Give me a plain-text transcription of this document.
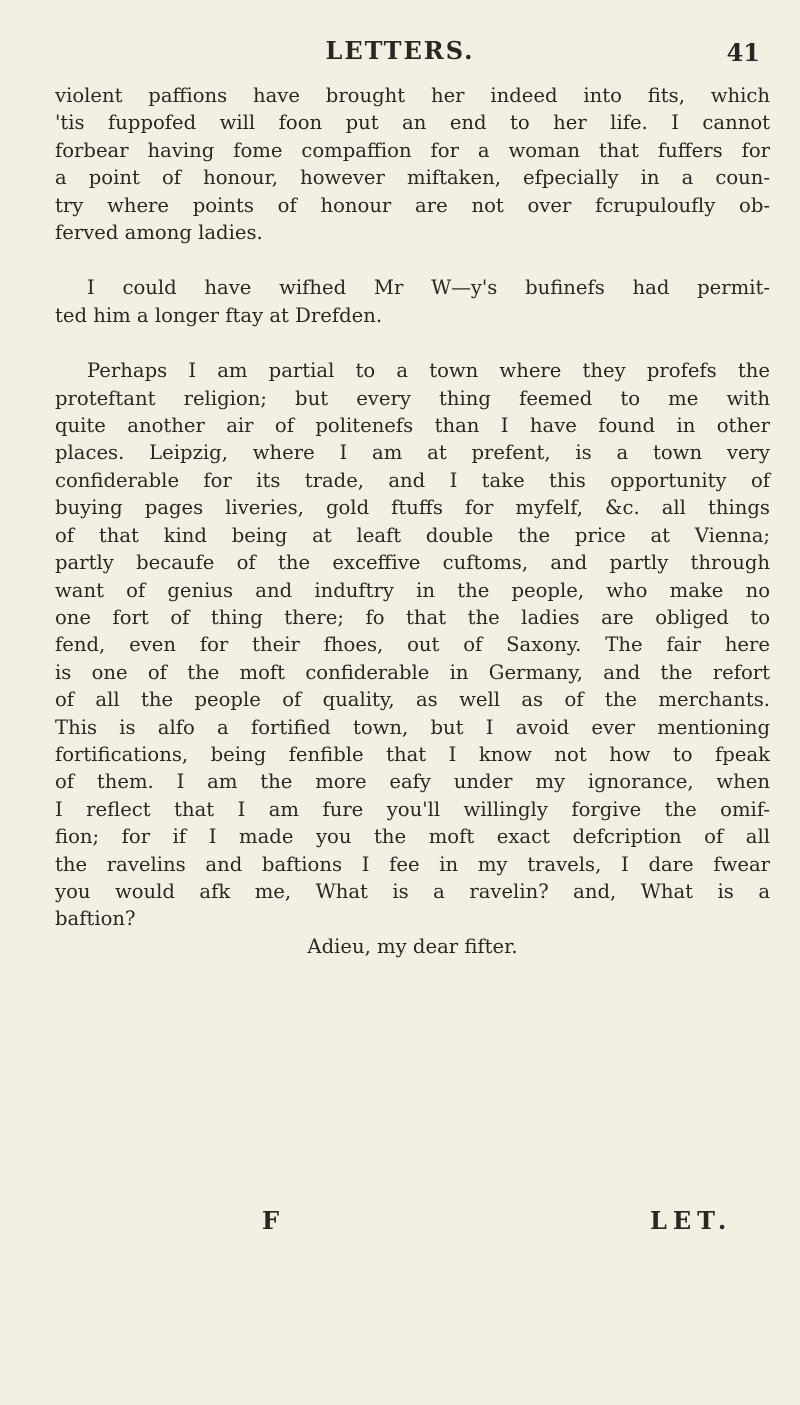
LETTERS.	41
violent paffions have brought her indeed into fits, which
'tis fuppofed will foon put an end to her life. I cannot
forbear having fome compaffion for a woman that fuffers for
a point of honour, however miftaken, efpecially in a coun-
try where points of honour are not over fcrupuloufly ob-
ferved among ladies.
I could have wifhed Mr W—y's bufinefs had permit-
ted him a longer ftay at Drefden.
Perhaps I am partial to a town where they profefs the
proteftant religion; but every thing feemed to me with
quite another air of politenefs than I have found in other
places. Leipzig, where I am at prefent, is a town very
confiderable for its trade, and I take this opportunity of
buying pages liveries, gold ftuffs for myfelf, &c. all things
of that kind being at leaft double the price at Vienna;
partly becaufe of the exceffive cuftoms, and partly through
want of genius and induftry in the people, who make no
one fort of thing there; fo that the ladies are obliged to
fend, even for their fhoes, out of Saxony. The fair here
is one of the moft confiderable in Germany, and the refort
of all the people of quality, as well as of the merchants.
This is alfo a fortified town, but I avoid ever mentioning
fortifications, being fenfible that I know not how to fpeak
of them. I am the more eafy under my ignorance, when
I reflect that I am fure you'll willingly forgive the omif-
fion; for if I made you the moft exact defcription of all
the ravelins and baftions I fee in my travels, I dare fwear
you would afk me, What is a ravelin? and, What is a
baftion?
Adieu, my dear fifter.
F	LET.
